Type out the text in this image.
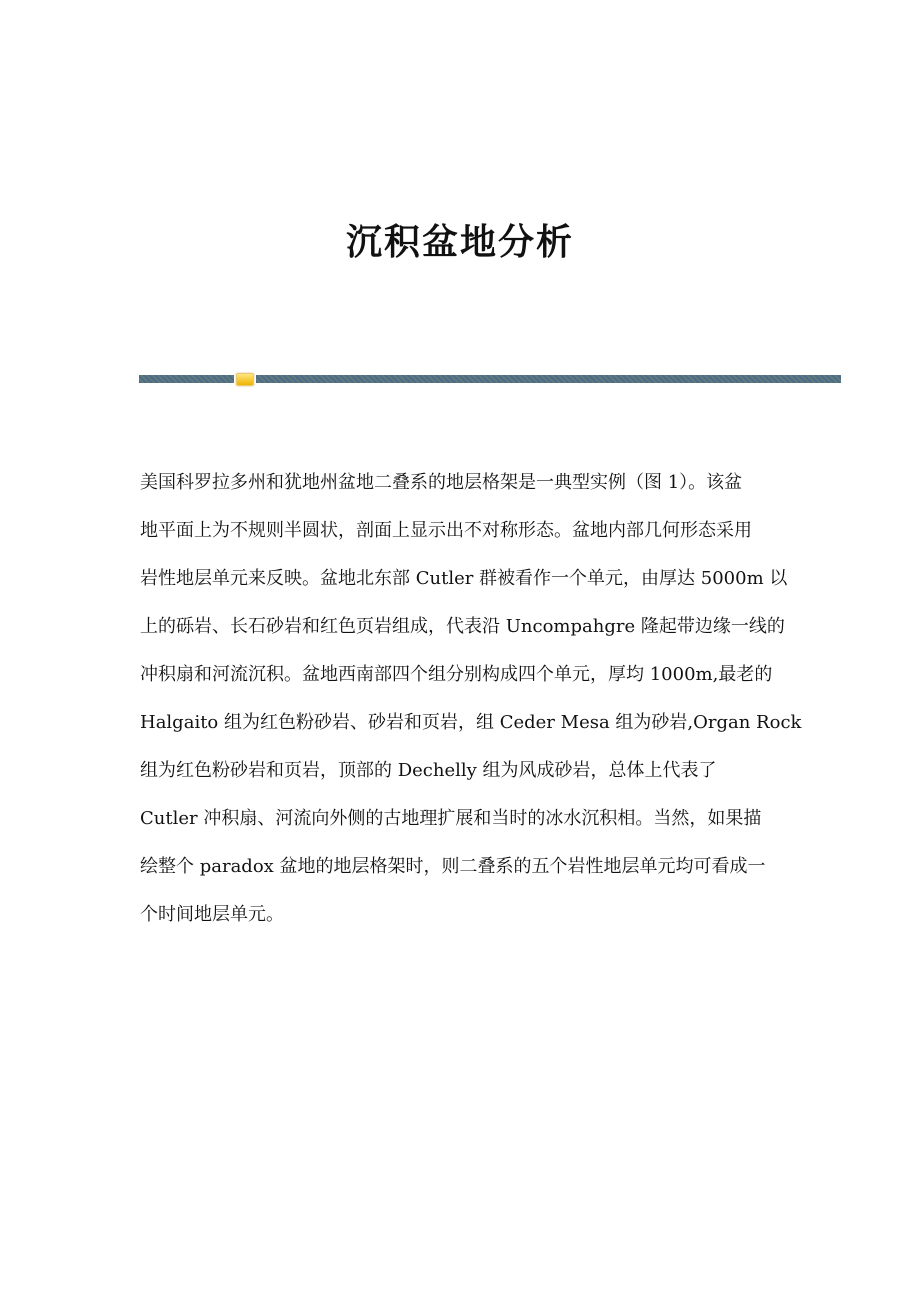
沉积盆地分析
美国科罗拉多州和犹地州盆地二叠系的地层格架是一典型实例（图 1）。该盆
地平面上为不规则半圆状，剖面上显示出不对称形态。盆地内部几何形态采用
岩性地层单元来反映。盆地北东部 Cutler 群被看作一个单元，由厚达 5000m 以
上的砾岩、长石砂岩和红色页岩组成，代表沿 Uncompahgre 隆起带边缘一线的
冲积扇和河流沉积。盆地西南部四个组分别构成四个单元，厚均 1000m,最老的
Halgaito 组为红色粉砂岩、砂岩和页岩，组 Ceder Mesa 组为砂岩,Organ Rock
组为红色粉砂岩和页岩，顶部的 Dechelly 组为风成砂岩，总体上代表了
Cutler 冲积扇、河流向外侧的古地理扩展和当时的冰水沉积相。当然，如果描
绘整个 paradox 盆地的地层格架时，则二叠系的五个岩性地层单元均可看成一
个时间地层单元。
